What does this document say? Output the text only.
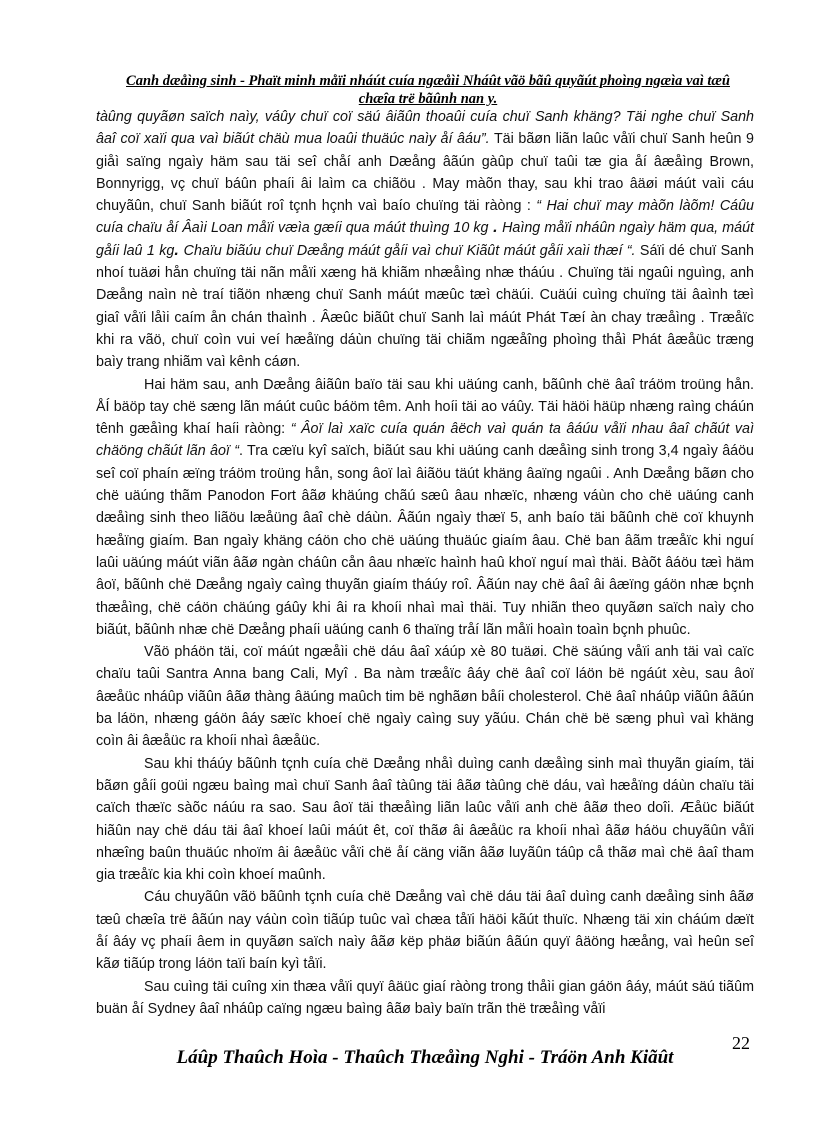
Canh dæåìng sinh - Phaït minh måïi nháút cuía ngæåìi Nháût vãö bãû quyãút phoìng ngæìa vaì tæû
chæîa trë bãûnh nan y.

tàûng quyãøn saïch naìy, váûy chuï coï säú âiãûn thoaûi cuía chuï Sanh khäng? Täi nghe chuï Sanh âaî coï xaïi qua vaì biãút chäù mua loaûi thuäúc naìy åí âáu”. Täi bãøn liãn laûc våïi chuï Sanh heûn 9 giåì saïng ngaìy häm sau täi seî chåí anh Dæång âãún gàûp chuï taûi tæ gia åí âæåìng Brown, Bonnyrigg, vç chuï báûn phaíi âi laìm ca chiãöu . May màõn thay, sau khi trao âäøi máút vaìi cáu chuyãûn, chuï Sanh biãút roî tçnh hçnh vaì baío chuïng täi ràòng : “ Hai chuï may màõn làõm! Cáûu cuía chaïu åí Âaìi Loan måïi væìa gæíi qua máút thuìng 10 kg . Haìng måïi nháûn ngaìy häm qua, máút gåíi laû 1 kg. Chaïu biãúu chuï Dæång máút gåíi vaì chuï Kiãût máút gåíi xaìi thæí “. Sáïi dé chuï Sanh nhoí tuäøi hån chuïng täi nãn måïi xæng hä khiãm nhæåìng nhæ tháúu . Chuïng täi ngaûi nguìng, anh Dæång naìn nè traí tiãön nhæng chuï Sanh máút mæûc tæì chäúi. Cuäúi cuìng chuïng täi âaình tæì giaî våïi låìi caím ån chán thaình . Âæûc biãût chuï Sanh laì máút Phát Tæí àn chay træåìng . Træåïc khi ra vãö, chuï coìn vui veí hæåïng dáùn chuïng täi chiãm ngæåîng phoìng thåì Phát âæåüc træng baìy trang nhiãm vaì kênh cáøn.

Hai häm sau, anh Dæång âiãûn baïo täi sau khi uäúng canh, bãûnh chë âaî tráöm troüng hån. ÅÍ bäöp tay chë sæng lãn máút cuûc báöm têm. Anh hoíi täi ao váûy. Täi häöi häüp nhæng raìng cháún tênh gæåìng khaí haíi ràòng: “ Âoï laì xaïc cuía quán âëch vaì quán ta âáúu våïi nhau âaî chãút vaì chäöng chãút lãn âoï “. Tra cæïu kyî saïch, biãút sau khi uäúng canh dæåìng sinh trong 3,4 ngaìy âáöu seî coï phaín æïng tráöm troüng hån, song âoï laì âiãöu täút khäng âaïng ngaûi . Anh Dæång bãøn cho chë uäúng thãm Panodon Fort âãø khäúng chãú sæû âau nhæïc, nhæng váùn cho chë uäúng canh dæåìng sinh theo liãöu læåüng âaî chè dáùn. Âãún ngaìy thæï 5, anh baío täi bãûnh chë coï khuynh hæåïng giaím. Ban ngaìy khäng cáön cho chë uäúng thuäúc giaím âau. Chë ban âãm træåïc khi nguí laûi uäúng máút viãn âãø ngàn cháûn cån âau nhæïc haình haû khoï nguí maì thäi. Bàõt âáöu tæì häm âoï, bãûnh chë Dæång ngaìy caìng thuyãn giaím tháúy roî. Âãún nay chë âaî âi âæïng gáön nhæ bçnh thæåìng, chë cáön chäúng gáûy khi âi ra khoíi nhaì maì thäi. Tuy nhiãn theo quyãøn saïch naìy cho biãút, bãûnh nhæ chë Dæång phaíi uäúng canh 6 thaïng tråí lãn måïi hoaìn toaìn bçnh phuûc.

Vãö pháön täi, coï máút ngæåìi chë dáu âaî xáúp xè 80 tuäøi. Chë säúng våïi anh täi vaì caïc chaïu taûi Santra Anna bang Cali, Myî . Ba nàm træåïc âáy chë âaî coï láön bë ngáút xèu, sau âoï âæåüc nháûp viãûn âãø thàng âäúng maûch tim bë nghãøn båíi cholesterol. Chë âaî nháûp viãûn âãún ba láön, nhæng gáön âáy sæïc khoeí chë ngaìy caìng suy yãúu. Chán chë bë sæng phuì vaì khäng coìn âi âæåüc ra khoíi nhaì âæåüc.

Sau khi tháúy bãûnh tçnh cuía chë Dæång nhåì duìng canh dæåìng sinh maì thuyãn giaím, täi bãøn gåíi goüi ngæu baìng maì chuï Sanh âaî tàûng täi âãø tàûng chë dáu, vaì hæåïng dáùn chaïu täi caïch thæïc sàõc náúu ra sao. Sau âoï täi thæåìng liãn laûc våïi anh chë âãø theo doîi. Æåüc biãút hiãûn nay chë dáu täi âaî khoeí laûi máút êt, coï thãø âi âæåüc ra khoíi nhaì âãø háöu chuyãûn våïi nhæîng baûn thuäúc nhoïm âi âæåüc våïi chë åí cäng viãn âãø luyãûn táûp cå thãø maì chë âaî tham gia træåïc kia khi coìn khoeí maûnh.

Cáu chuyãûn vãö bãûnh tçnh cuía chë Dæång vaì chë dáu täi âaî duìng canh dæåìng sinh âãø tæû chæîa trë âãún nay váùn coìn tiãúp tuûc vaì chæa tåïi häöi kãút thuïc. Nhæng täi xin cháúm dæït åí âáy vç phaíi âem in quyãøn saïch naìy âãø këp phäø biãún âãún quyï âäöng hæång, vaì heûn seî kãø tiãúp trong láön taïi baín kyì tåïi.

Sau cuìng täi cuîng xin thæa våïi quyï âäüc giaí ràòng trong thåìi gian gáön âáy, máút säú tiãûm buän åí Sydney âaî nháûp caïng ngæu baìng âãø baìy baïn trãn thë træåìng våïi

22
Láûp Thaûch Hoìa - Thaûch Thæåìng Nghi - Tráön Anh Kiãût
